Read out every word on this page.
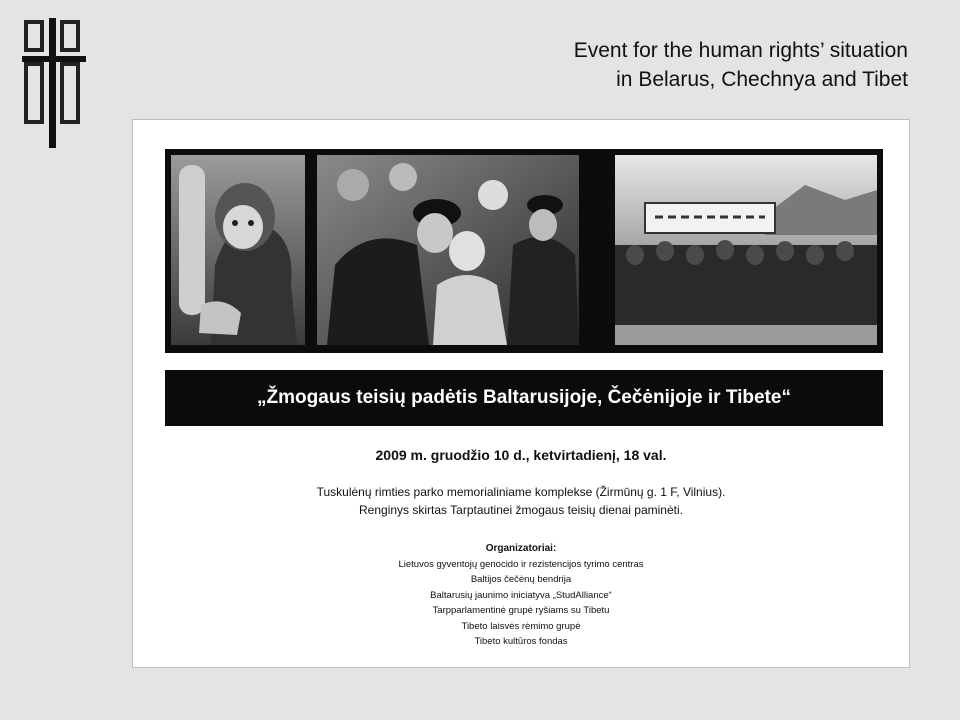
Event for the human rights’ situation
in Belarus, Chechnya and Tibet
„Žmogaus teisių padėtis Baltarusijoje, Čečėnijoje ir Tibete“
2009 m. gruodžio 10 d., ketvirtadienį, 18 val.
Tuskulėnų rimties parko memorialiniame komplekse (Žirmūnų g. 1 F, Vilnius).
Renginys skirtas Tarptautinei žmogaus teisių dienai paminėti.
Organizatoriai:
Lietuvos gyventojų genocido ir rezistencijos tyrimo centras
Baltijos čečėnų bendrija
Baltarusių jaunimo iniciatyva „StudAlliance“
Tarpparlamentinė grupė ryšiams su Tibetu
Tibeto laisvės rėmimo grupė
Tibeto kultūros fondas
